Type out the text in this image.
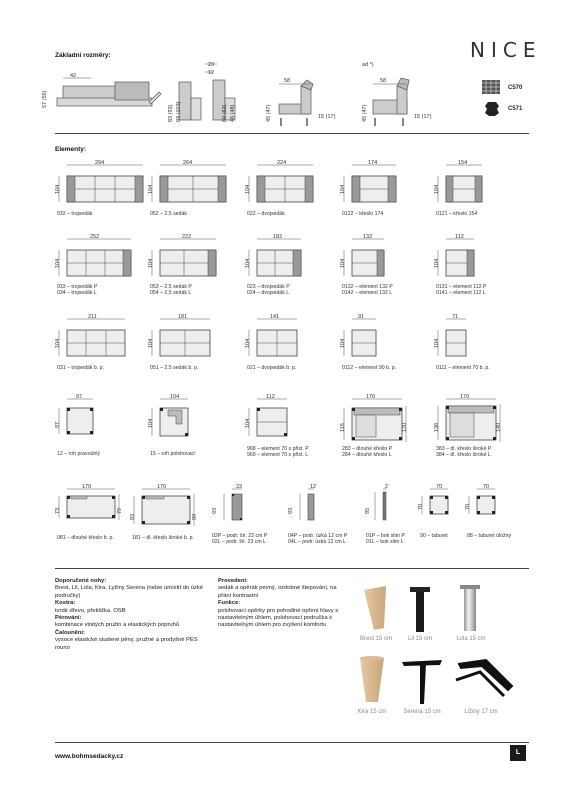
NICE
Základní rozměry:
42
57 (55)
23
12
83 (93) 93 (103)	60 (62) 46 (48)
58
45 (47)	15 (17)
ad *)
58
45 (47)	15 (17)
C570
C571
Elementy:
294
104
032 – trojsedák
264
104
052 – 2,5 sedák
224
104
022 – dvojsedák
174
104
0122 – křeslo 174
154
104
0121 – křeslo 154
252
104
033 – trojsedák P
034 – trojsedák L
222
104
053 – 2,5 sedák P
054 – 2,5 sedák L
182
104
023 – dvojsedák P
024 – dvojsedák L
132
104
0132 – element 132 P
0142 – element 132 L
112
104
0131 – element 112 P
0141 – element 112 L
211
104
031 – trojsedák b. p.
181
104
051 – 2,5 sedák b. p.
141
104
021 – dvojsedák b. p.
91
104
0112 – element 90 b. p.
71
104
0111 – element 70 b. p.
97
97
12 – roh pravoúhlý
104
104
15 – roh polohovací
112
104
968 – element 70 s přist. P
969 – element 70 s přist. L
170
116	120
283 – dlouhé křeslo P
284 – dlouhé křeslo L
170
136	140
383 – dl. křeslo široké P
384 – dl. křeslo široké L
170
73	79
081 – dlouhé křeslo b. p.
170
93	99
181 – dl. křeslo široké b. p.
23
93
02P – podr. šír. 23 cm P
02L – podr. šír. 23 cm L
12
93
04P – podr. úzká 12 cm P
04L – podr. úzká 12 cm L
2
95
01P – bok slim P
01L – bok slim L
70
70
90 – taburet
70
70
88 – taburet úložný
Doporučené nohy:
Brest, Lil, Lola, Kira, Lyžiny Serena (nelze umístit do úzké područky)
Kostra:
tvrdé dřevo, překližka, OSB
Pérování:
kombinace vlnitých pružin a elastických popruhů
Čalounění:
vysoce elastické studené pěny, pružné a prodyšné PES rouno
Provedení:
sedák a opěrák pevný, ozdobné štepování, na přání kontrastní
Funkce:
polohovací opěrky pro pohodlné opření hlavy s nastavitelným úhlem, polohovací područka s nastavitelným úhlem pro zvýšení komfortu
Brest 15 cm	Lil 15 cm	Lola 15 cm
Kira 15 cm	Serena 15 cm	Ližiny 17 cm
www.bohmsedacky.cz
L
